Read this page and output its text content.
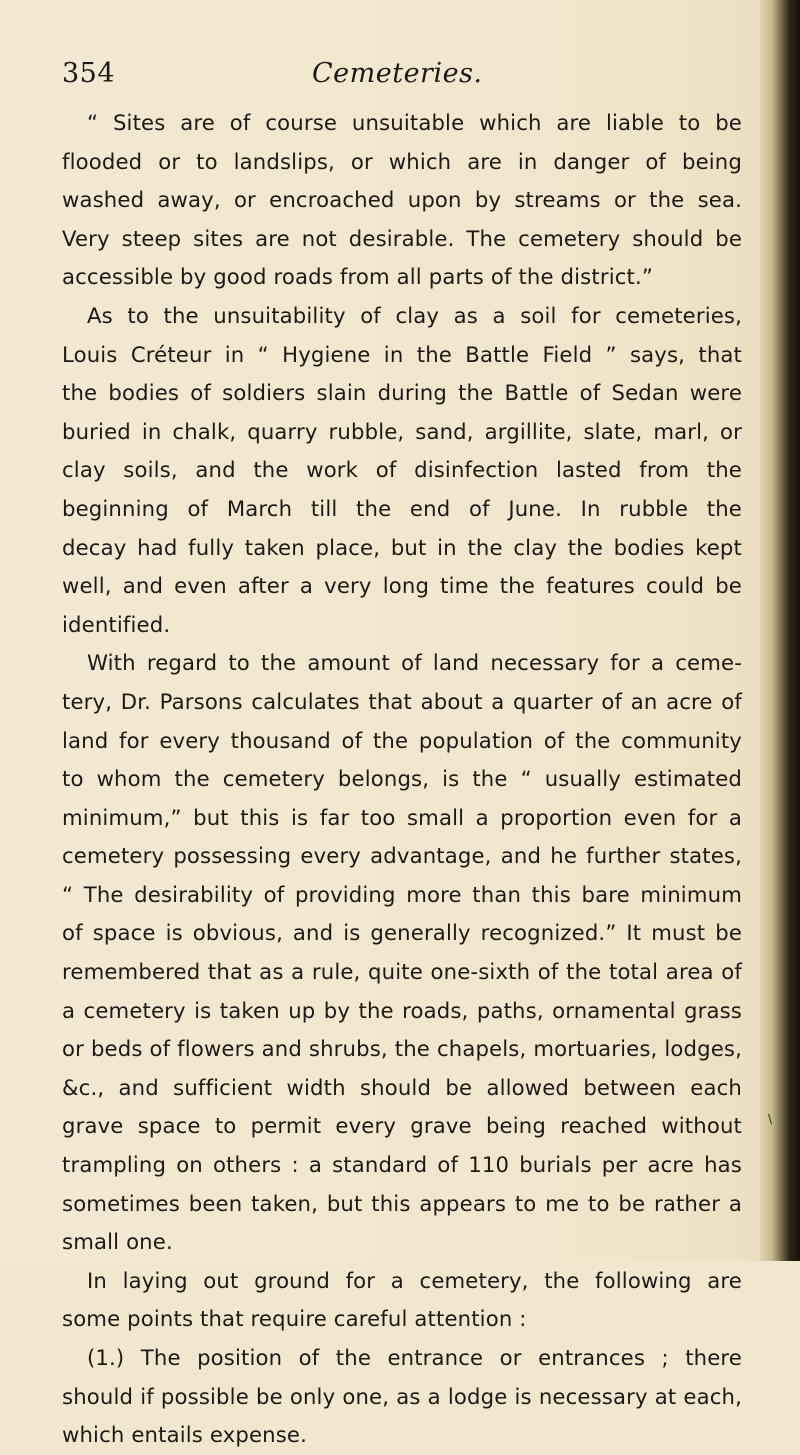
\
354	Cemeteries.
“ Sites are of course unsuitable which are liable to be
flooded or to landslips, or which are in danger of being
washed away, or encroached upon by streams or the sea.
Very steep sites are not desirable. The cemetery should be
accessible by good roads from all parts of the district.”
As to the unsuitability of clay as a soil for cemeteries,
Louis Créteur in “ Hygiene in the Battle Field ” says, that
the bodies of soldiers slain during the Battle of Sedan were
buried in chalk, quarry rubble, sand, argillite, slate, marl, or
clay soils, and the work of disinfection lasted from the
beginning of March till the end of June. In rubble the
decay had fully taken place, but in the clay the bodies kept
well, and even after a very long time the features could be
identified.
With regard to the amount of land necessary for a ceme-
tery, Dr. Parsons calculates that about a quarter of an acre of
land for every thousand of the population of the community
to whom the cemetery belongs, is the “ usually estimated
minimum,” but this is far too small a proportion even for a
cemetery possessing every advantage, and he further states,
“ The desirability of providing more than this bare minimum
of space is obvious, and is generally recognized.” It must be
remembered that as a rule, quite one-sixth of the total area of
a cemetery is taken up by the roads, paths, ornamental grass
or beds of flowers and shrubs, the chapels, mortuaries, lodges,
&c., and sufficient width should be allowed between each
grave space to permit every grave being reached without
trampling on others : a standard of 110 burials per acre has
sometimes been taken, but this appears to me to be rather a
small one.
In laying out ground for a cemetery, the following are
some points that require careful attention :
(1.) The position of the entrance or entrances ; there
should if possible be only one, as a lodge is necessary at each,
which entails expense.
